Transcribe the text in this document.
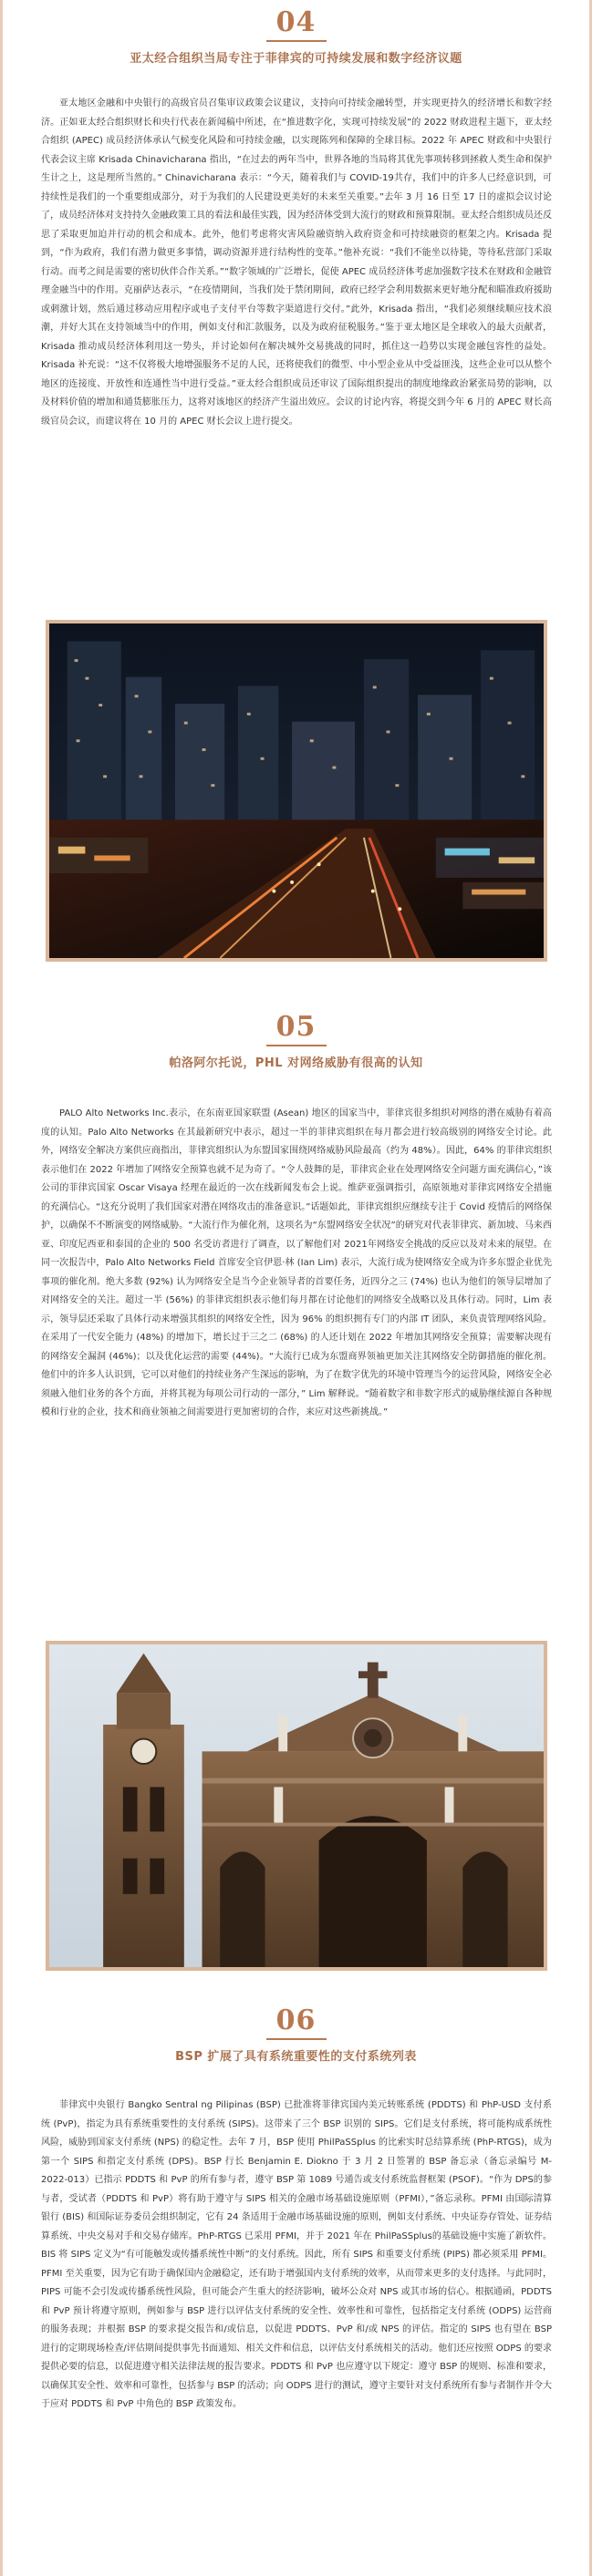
04
亚太经合组织当局专注于菲律宾的可持续发展和数字经济议题

亚太地区金融和中央银行的高级官员召集审议政策会议建议，支持向可持续金融转型，并实现更持久的经济增长和数字经济。正如亚太经合组织财长和央行代表在新闻稿中所述，在“推进数字化，实现可持续发展”的 2022 财政进程主题下，亚太经合组织 (APEC) 成员经济体承认气候变化风险和可持续金融，以实现陈列和保障的全球目标。2022 年 APEC 财政和中央银行代表会议主席 Krisada Chinavicharana 指出，“在过去的两年当中，世界各地的当局将其优先事项转移到拯救人类生命和保护生计之上，这是理所当然的。” Chinavicharana 表示：“今天，随着我们与 COVID-19共存，我们中的许多人已经意识到，可持续性是我们的一个重要组成部分，对于为我们的人民建设更美好的未来至关重要。”去年 3 月 16 日至 17 日的虚拟会议讨论了，成员经济体对支持持久金融政策工具的看法和最佳实践，因为经济体受到大流行的财政和预算限制。亚太经合组织成员还反思了采取更加迫并行动的机会和成本。此外，他们考虑将灾害风险融资纳入政府资金和可持续融资的框架之内。Krisada 提到，“作为政府，我们有潜力做更多事情，调动资源并进行结构性的变革。”他补充说：“我们不能坐以待毙，等待私营部门采取行动。而考之间是需要的密切伙伴合作关系。”“数字领域的广泛增长，促使 APEC 成员经济体考虑加强数字技术在财政和金融管理金融当中的作用。克丽萨达表示，“在疫情期间，当我们处于禁闭期间，政府已经学会利用数据来更好地分配和瞄准政府援助或刺激计划，然后通过移动应用程序或电子支付平台等数字渠道进行交付。”此外，Krisada 指出，“我们必须继续顺应技术浪潮，并好大其在支持领域当中的作用，例如支付和汇款服务，以及为政府征税服务。”鉴于亚太地区是全球收入的最大贡献者，Krisada 推动成员经济体利用这一势头，并讨论如何在解决城外交易挑战的同时，抓住这一趋势以实现金融包容性的益处。Krisada 补充说：“这不仅将极大地增强服务不足的人民，还将使我们的微型、中小型企业从中受益匪浅，这些企业可以从整个地区的连接度、开放性和连通性当中进行受益。”亚太经合组织成员还审议了国际组织提出的制度地缘政治紧张局势的影响，以及材料价值的增加和通货膨胀压力，这将对该地区的经济产生溢出效应。会议的讨论内容，将提交到今年 6 月的 APEC 财长高级官员会议，而建议将在 10 月的 APEC 财长会议上进行提交。

05
帕洛阿尔托说，PHL 对网络威胁有很高的认知

PALO Alto Networks Inc.表示，在东南亚国家联盟 (Asean) 地区的国家当中，菲律宾很多组织对网络的潜在威胁有着高度的认知。Palo Alto Networks 在其最新研究中表示，超过一半的菲律宾组织在每月都会进行较高级别的网络安全讨论。此外，网络安全解决方案供应商指出，菲律宾组织认为东盟国家围绕网络威胁风险最高（约为 48%）。因此，64% 的菲律宾组织表示他们在 2022 年增加了网络安全预算也就不足为奇了。“令人鼓舞的是，菲律宾企业在处理网络安全问题方面充满信心，”该公司的菲律宾国家 Oscar Visaya 经理在最近的一次在线新闻发布会上说。维萨亚强调指引，高原领地对菲律宾网络安全措施的充满信心。“这充分说明了我们国家对潜在网络攻击的准备意识。”话题如此，菲律宾组织应继续专注于 Covid 疫情后的网络保护，以确保不不断演变的网络威胁。“大流行作为催化剂，这项名为“东盟网络安全状况”的研究对代表菲律宾、新加坡、马来西亚、印度尼西亚和泰国的企业的 500 名受访者进行了调查，以了解他们对 2021年网络安全挑战的反应以及对未来的展望。在同一次报告中，Palo Alto Networks Field 首席安全官伊恩·林 (Ian Lim) 表示，大流行成为使网络安全成为许多东盟企业优先事项的催化剂。绝大多数 (92%) 认为网络安全是当今企业领导者的首要任务，近四分之三 (74%) 也认为他们的领导层增加了对网络安全的关注。超过一半 (56%) 的菲律宾组织表示他们每月都在讨论他们的网络安全战略以及具体行动。同时，Lim 表示，领导层还采取了具体行动来增强其组织的网络安全性，因为 96% 的组织拥有专门的内部 IT 团队，来负责管理网络风险。在采用了一代安全能力 (48%) 的增加下，增长过于三之二 (68%) 的人还计划在 2022 年增加其网络安全预算；需要解决现有的网络安全漏洞 (46%)；以及优化运营的需要 (44%)。“大流行已成为东盟商界领袖更加关注其网络安全防御措施的催化剂。他们中的许多人认识到，它可以对他们的持续业务产生深远的影响，为了在数字优先的环境中管理当今的运营风险，网络安全必须融入他们业务的各个方面，并将其视为每项公司行动的一部分，” Lim 解释说。“随着数字和非数字形式的威胁继续源自各种规模和行业的企业，技术和商业领袖之间需要进行更加密切的合作，来应对这些新挑战。”

06
BSP 扩展了具有系统重要性的支付系统列表

菲律宾中央银行 Bangko Sentral ng Pilipinas (BSP) 已批准将菲律宾国内美元转账系统 (PDDTS) 和 PhP-USD 支付系统 (PvP)，指定为具有系统重要性的支付系统 (SIPS)。这带来了三个 BSP 识别的 SIPS。它们是支付系统，将可能构成系统性风险，威胁到国家支付系统 (NPS) 的稳定性。去年 7 月，BSP 使用 PhilPaSSplus 的比索实时总结算系统 (PhP-RTGS)，成为第一个 SIPS 和指定支付系统 (DPS)。BSP 行长 Benjamin E. Diokno 于 3 月 2 日签署的 BSP 备忘录（备忘录编号 M- 2022-013）已指示 PDDTS 和 PvP 的所有参与者，遵守 BSP 第 1089 号通告或支付系统监督框架 (PSOF)。“作为 DPS的参与者，受试者（PDDTS 和 PvP）将有助于遵守与 SIPS 相关的金融市场基础设施原则（PFMI），”备忘录称。PFMI 由国际清算银行 (BIS) 和国际证券委员会组织制定，它有 24 条适用于金融市场基础设施的原则，例如支付系统、中央证券存管处、证券结算系统、中央交易对手和交易存储库。PhP-RTGS 已采用 PFMI，并于 2021 年在 PhilPaSSplus的基础设施中实施了新软件。BIS 将 SIPS 定义为“有可能触发或传播系统性中断”的支付系统。因此，所有 SIPS 和重要支付系统 (PIPS) 都必须采用 PFMI。PFMI 至关重要，因为它有助于确保国内金融稳定，还有助于增强国内支付系统的效率，从而带来更多的支付选择。与此同时，PIPS 可能不会引发或传播系统性风险，但可能会产生重大的经济影响，破坏公众对 NPS 或其市场的信心。根据通函，PDDTS 和 PvP 预计将遵守原则，例如参与 BSP 进行以评估支付系统的安全性、效率性和可靠性，包括指定支付系统 (ODPS) 运营商的服务表现；并根据 BSP 的要求提交报告和/或信息，以促进 PDDTS、PvP 和/或 NPS 的评估。指定的 SIPS 也有望在 BSP 进行的定期现场检查/评估期间提供事先书面通知、相关文件和信息，以评估支付系统相关的活动。他们还应按照 ODPS 的要求提供必要的信息，以促进遵守相关法律法规的报告要求。PDDTS 和 PvP 也应遵守以下规定：遵守 BSP 的规则、标准和要求，以确保其安全性、效率和可靠性，包括参与 BSP 的活动；向 ODPS 进行的测试，遵守主要针对支付系统所有参与者制作并令大于应对 PDDTS 和 PvP 中角色的 BSP 政策发布。
